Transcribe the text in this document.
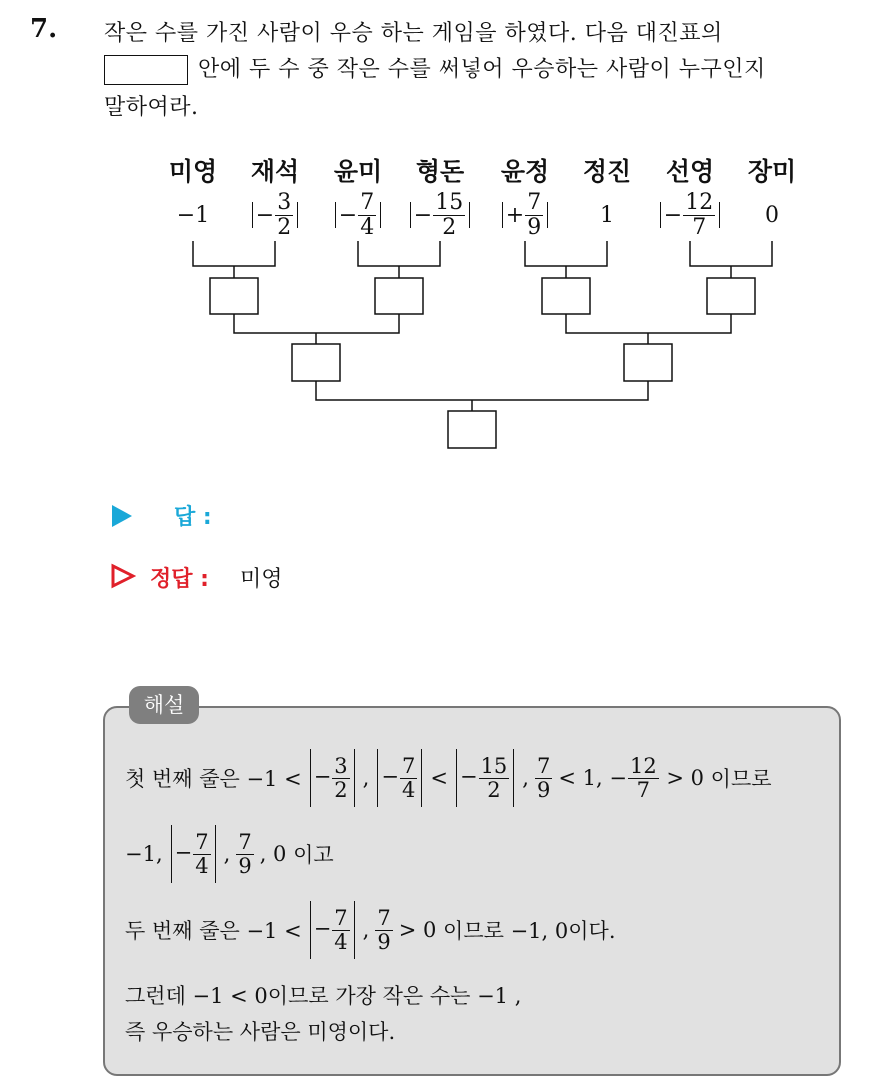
7. 작은 수를 가진 사람이 우승 하는 게임을 하였다. 다음 대진표의
안에 두 수 중 작은 수를 써넣어 우승하는 사람이 누구인지
말하여라.
미영
− 1
재석
− $\frac{3}{2}$
윤미
− $\frac{7}{4}$
형돈
− $\frac{15}{2}$
윤정
+ $\frac{7}{9}$
정진
1
선영
− $\frac{12}{7}$
장미
0
답 :
정답 : 미영
해설
첫 번째 줄은 −1 < − $\frac{3}{2}$ , − $\frac{7}{4}$ < − $\frac{15}{2}$ , $\frac{7}{9} < 1$, − $\frac{12}{7} > 0$ 이므로
−1, − $\frac{7}{4}$ , $\frac{7}{9}$ , 0 이고
두 번째 줄은 −1 < − $\frac{7}{4}$ , $\frac{7}{9} > 0$ 이므로 −1, 0이다.
그런데 −1 < 0이므로 가장 작은 수는 −1 ,
즉 우승하는 사람은 미영이다.
